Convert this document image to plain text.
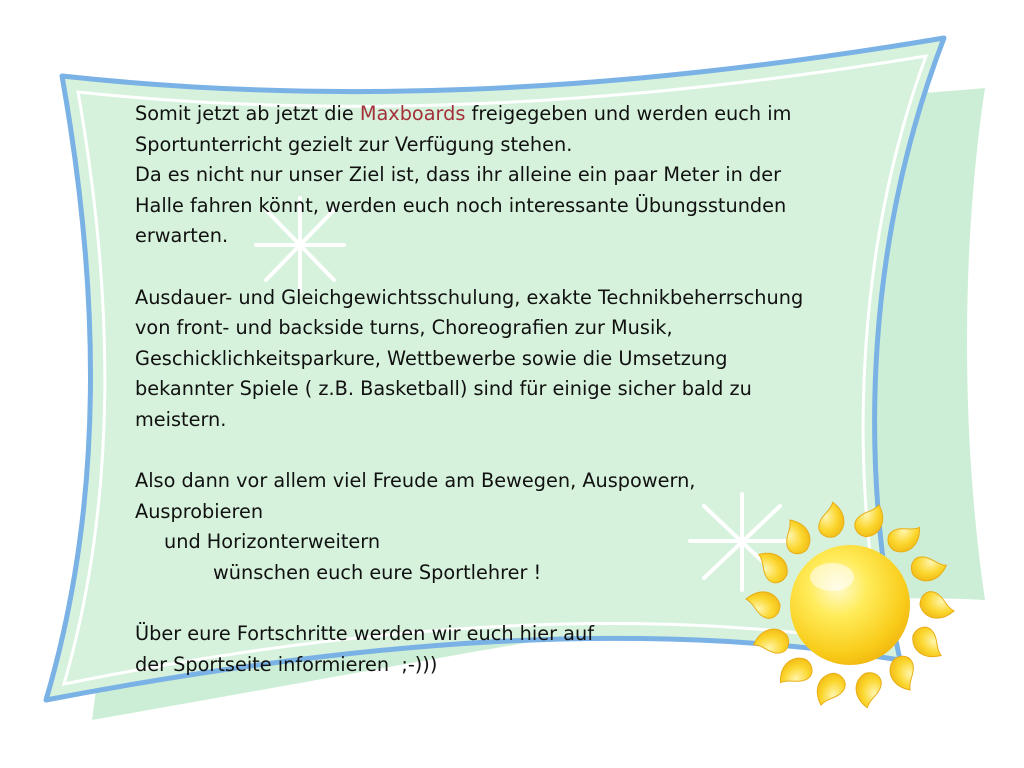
Somit jetzt ab jetzt die Maxboards freigegeben und werden euch im
Sportunterricht gezielt zur Verfügung stehen.
Da es nicht nur unser Ziel ist, dass ihr alleine ein paar Meter in der
Halle fahren könnt, werden euch noch interessante Übungsstunden
erwarten.
Ausdauer- und Gleichgewichtsschulung, exakte Technikbeherrschung
von front- und backside turns, Choreografien zur Musik,
Geschicklichkeitsparkure, Wettbewerbe sowie die Umsetzung
bekannter Spiele ( z.B. Basketball) sind für einige sicher bald zu
meistern.
Also dann vor allem viel Freude am Bewegen, Auspowern,
Ausprobieren
und Horizonterweitern
wünschen euch eure Sportlehrer !
Über eure Fortschritte werden wir euch hier auf
der Sportseite informieren  ;-)))
